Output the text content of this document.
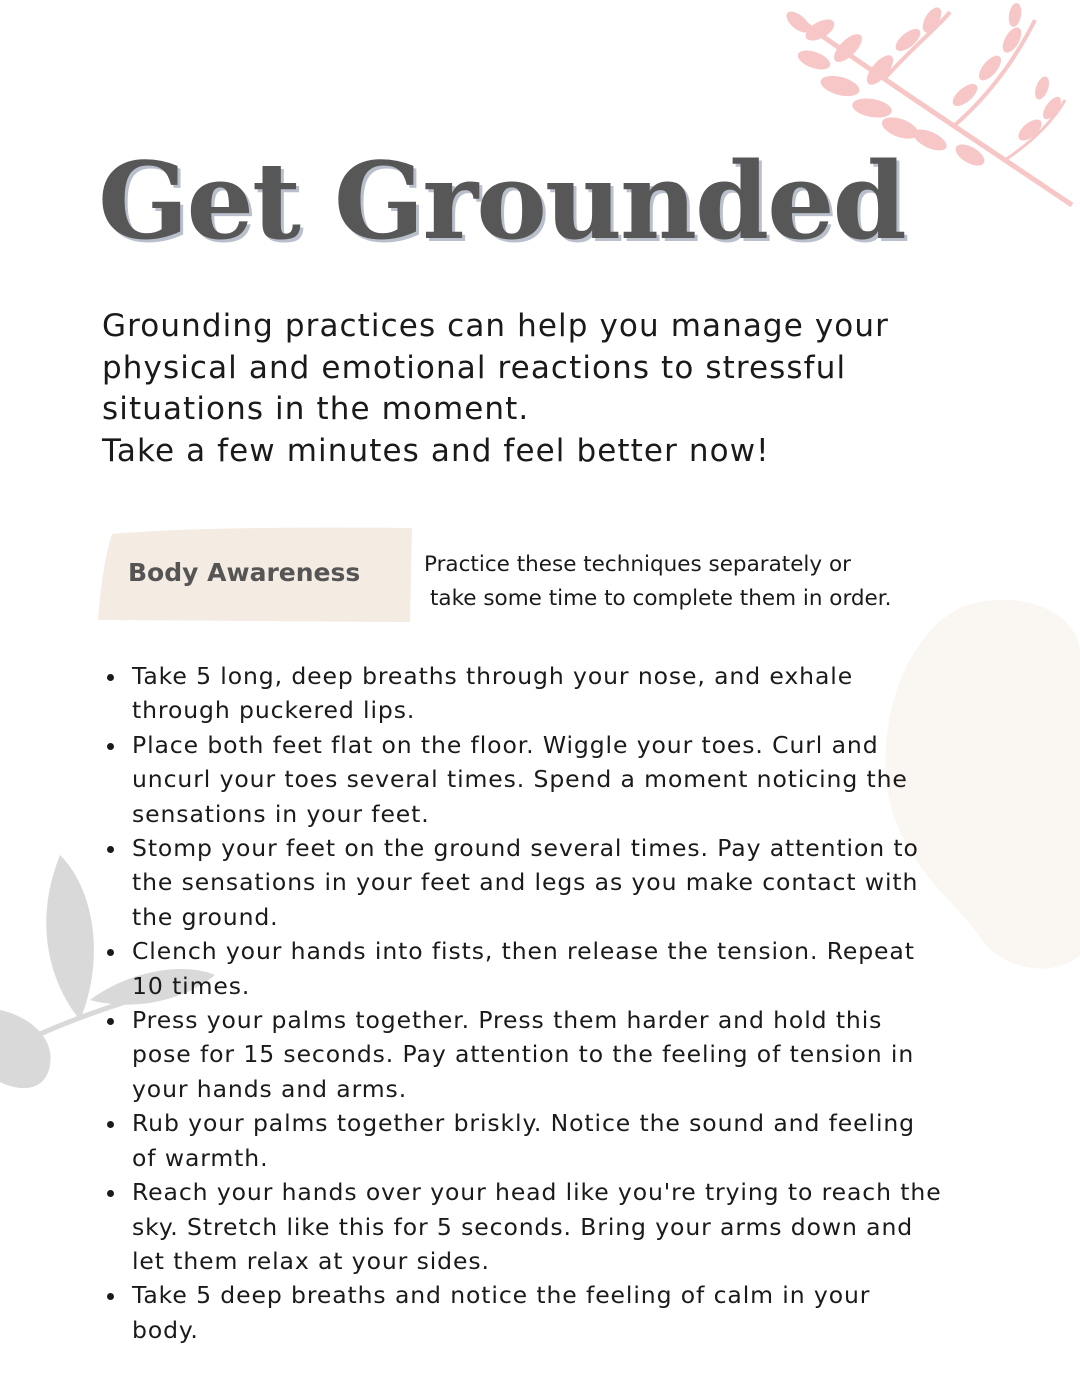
Get Grounded
Grounding practices can help you manage your
physical and emotional reactions to stressful
situations in the moment.
Take a few minutes and feel better now!
Body Awareness	Practice these techniques separately or
take some time to complete them in order.
Take 5 long, deep breaths through your nose, and exhale
through puckered lips.
Place both feet flat on the floor. Wiggle your toes. Curl and
uncurl your toes several times. Spend a moment noticing the
sensations in your feet.
Stomp your feet on the ground several times. Pay attention to
the sensations in your feet and legs as you make contact with
the ground.
Clench your hands into fists, then release the tension. Repeat
10 times.
Press your palms together. Press them harder and hold this
pose for 15 seconds. Pay attention to the feeling of tension in
your hands and arms.
Rub your palms together briskly. Notice the sound and feeling
of warmth.
Reach your hands over your head like you're trying to reach the
sky. Stretch like this for 5 seconds. Bring your arms down and
let them relax at your sides.
Take 5 deep breaths and notice the feeling of calm in your
body.
